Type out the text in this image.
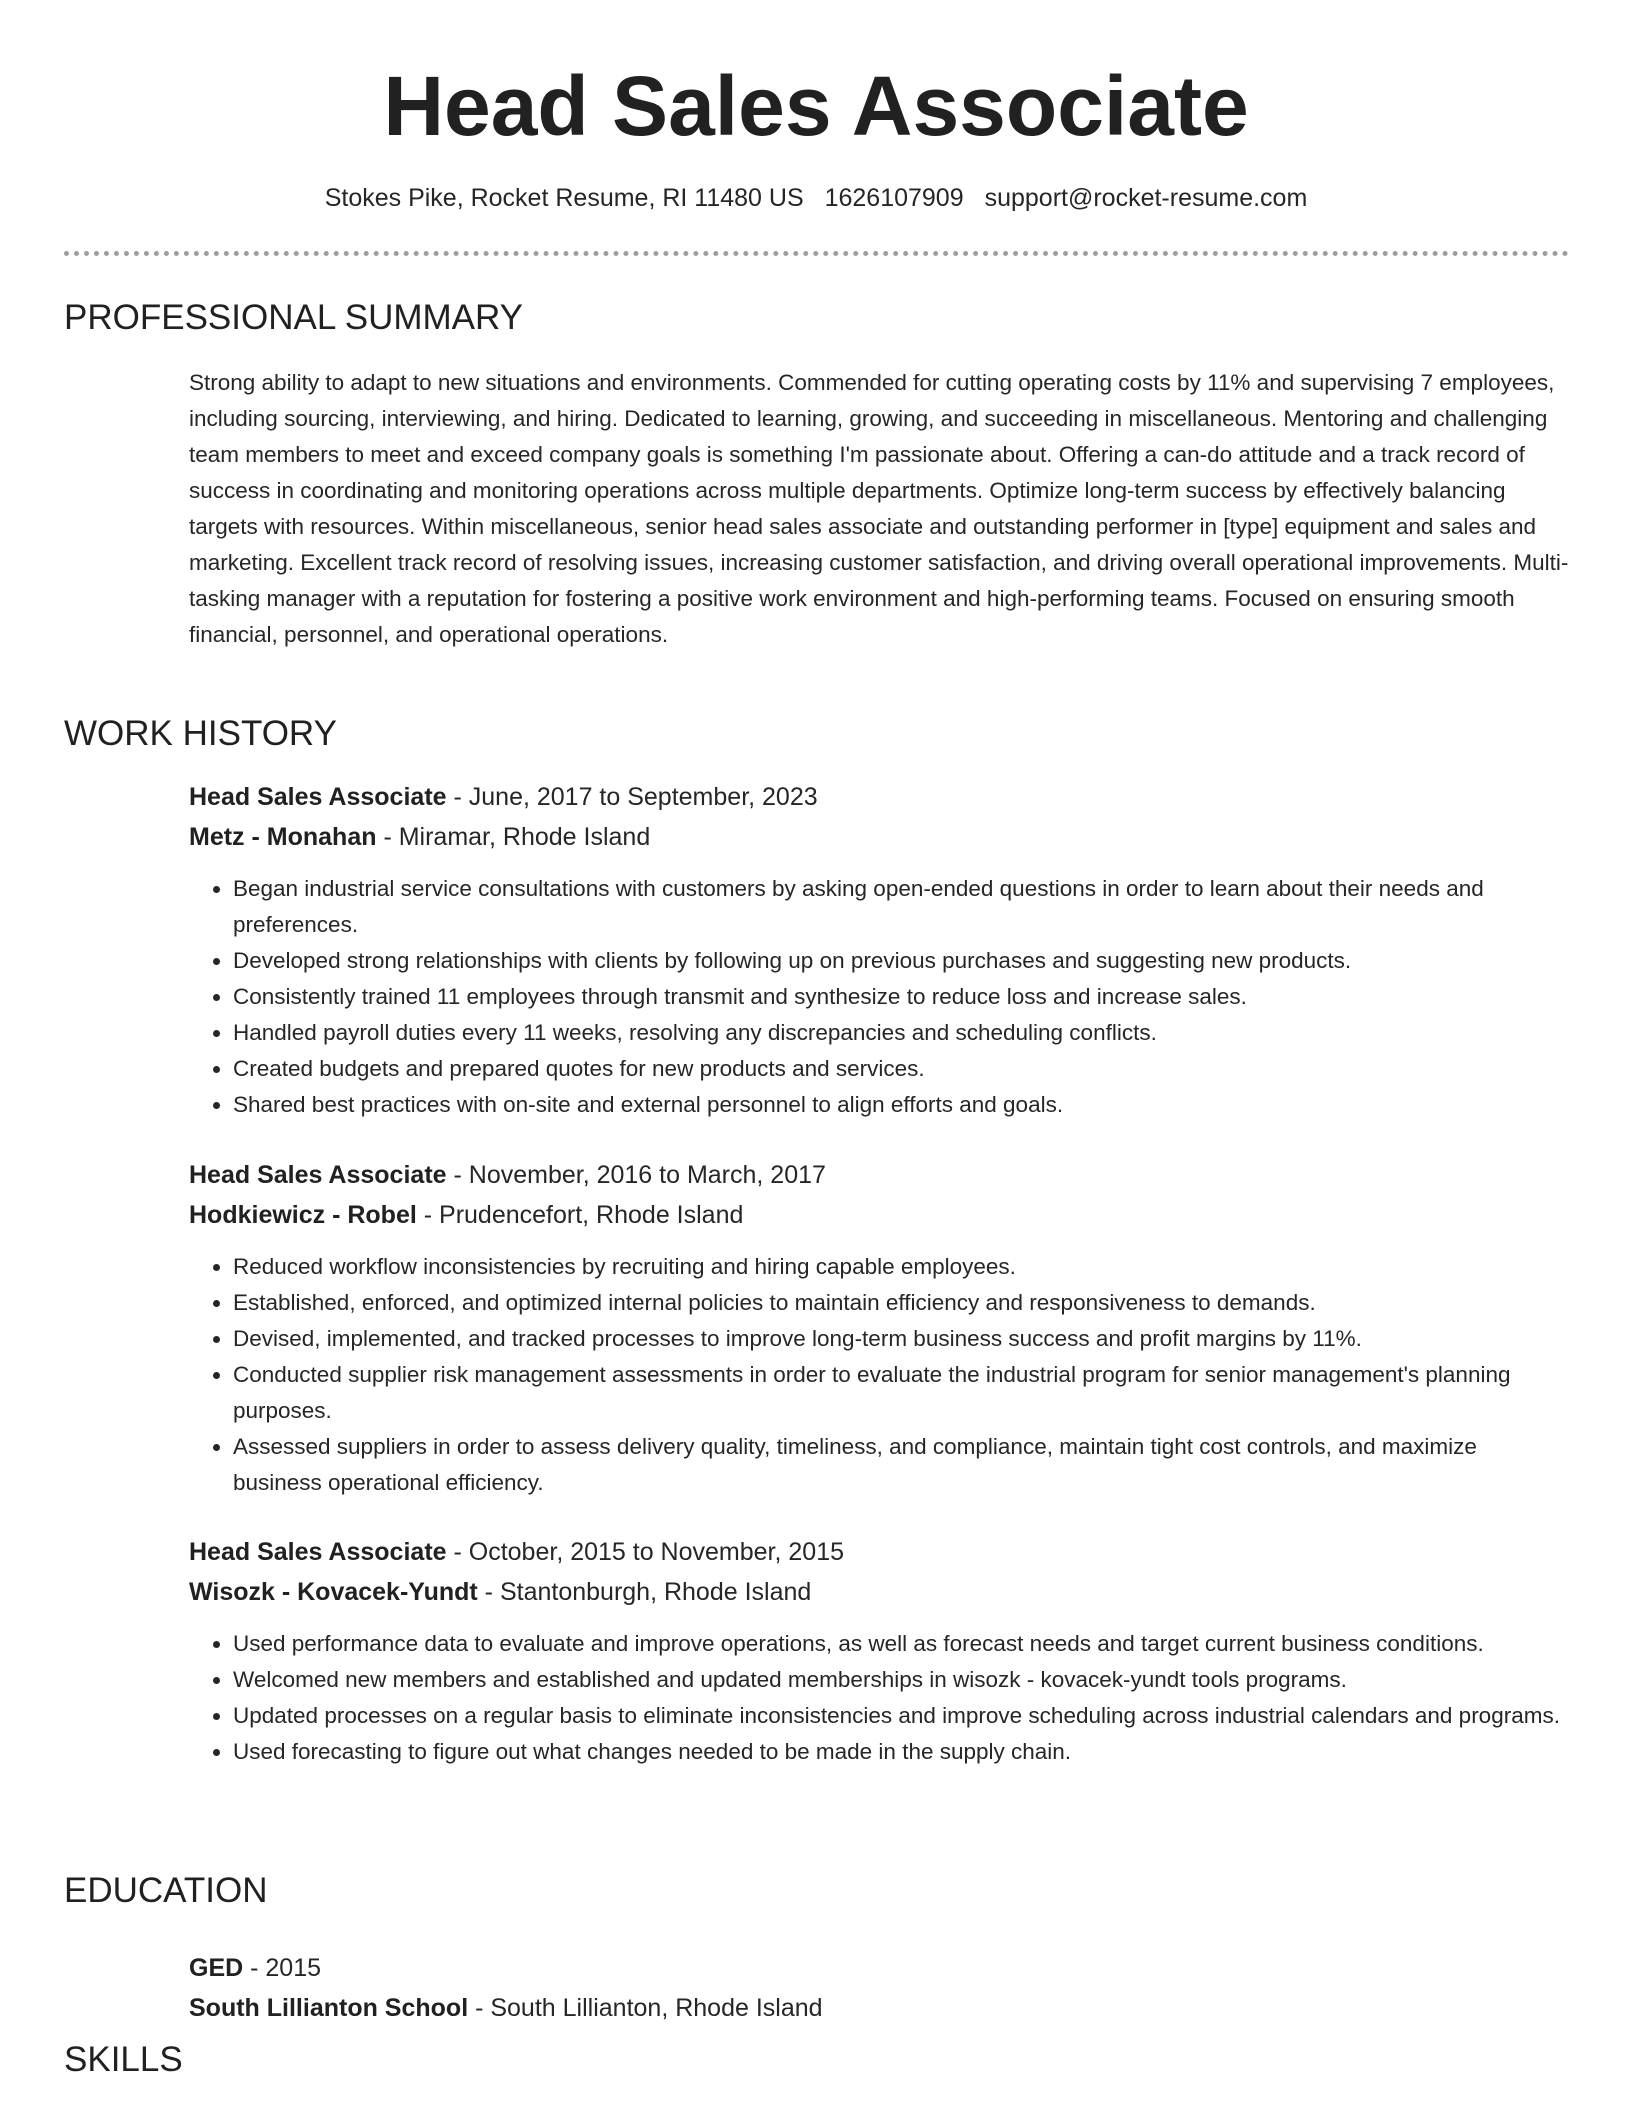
Head Sales Associate
Stokes Pike, Rocket Resume, RI 11480 US 1626107909 support@rocket-resume.com
PROFESSIONAL SUMMARY

Strong ability to adapt to new situations and environments. Commended for cutting operating costs by 11% and supervising 7 employees, including sourcing, interviewing, and hiring. Dedicated to learning, growing, and succeeding in miscellaneous. Mentoring and challenging team members to meet and exceed company goals is something I'm passionate about. Offering a can-do attitude and a track record of success in coordinating and monitoring operations across multiple departments. Optimize long-term success by effectively balancing targets with resources. Within miscellaneous, senior head sales associate and outstanding performer in [type] equipment and sales and marketing. Excellent track record of resolving issues, increasing customer satisfaction, and driving overall operational improvements. Multi-tasking manager with a reputation for fostering a positive work environment and high-performing teams. Focused on ensuring smooth financial, personnel, and operational operations.

WORK HISTORY
Head Sales Associate - June, 2017 to September, 2023
Metz - Monahan - Miramar, Rhode Island
• Began industrial service consultations with customers by asking open-ended questions in order to learn about their needs and preferences.
• Developed strong relationships with clients by following up on previous purchases and suggesting new products.
• Consistently trained 11 employees through transmit and synthesize to reduce loss and increase sales.
• Handled payroll duties every 11 weeks, resolving any discrepancies and scheduling conflicts.
• Created budgets and prepared quotes for new products and services.
• Shared best practices with on-site and external personnel to align efforts and goals.
Head Sales Associate - November, 2016 to March, 2017
Hodkiewicz - Robel - Prudencefort, Rhode Island
• Reduced workflow inconsistencies by recruiting and hiring capable employees.
• Established, enforced, and optimized internal policies to maintain efficiency and responsiveness to demands.
• Devised, implemented, and tracked processes to improve long-term business success and profit margins by 11%.
• Conducted supplier risk management assessments in order to evaluate the industrial program for senior management's planning purposes.
• Assessed suppliers in order to assess delivery quality, timeliness, and compliance, maintain tight cost controls, and maximize business operational efficiency.
Head Sales Associate - October, 2015 to November, 2015
Wisozk - Kovacek-Yundt - Stantonburgh, Rhode Island
• Used performance data to evaluate and improve operations, as well as forecast needs and target current business conditions.
• Welcomed new members and established and updated memberships in wisozk - kovacek-yundt tools programs.
• Updated processes on a regular basis to eliminate inconsistencies and improve scheduling across industrial calendars and programs.
• Used forecasting to figure out what changes needed to be made in the supply chain.
EDUCATION
GED - 2015
South Lillianton School - South Lillianton, Rhode Island
SKILLS
